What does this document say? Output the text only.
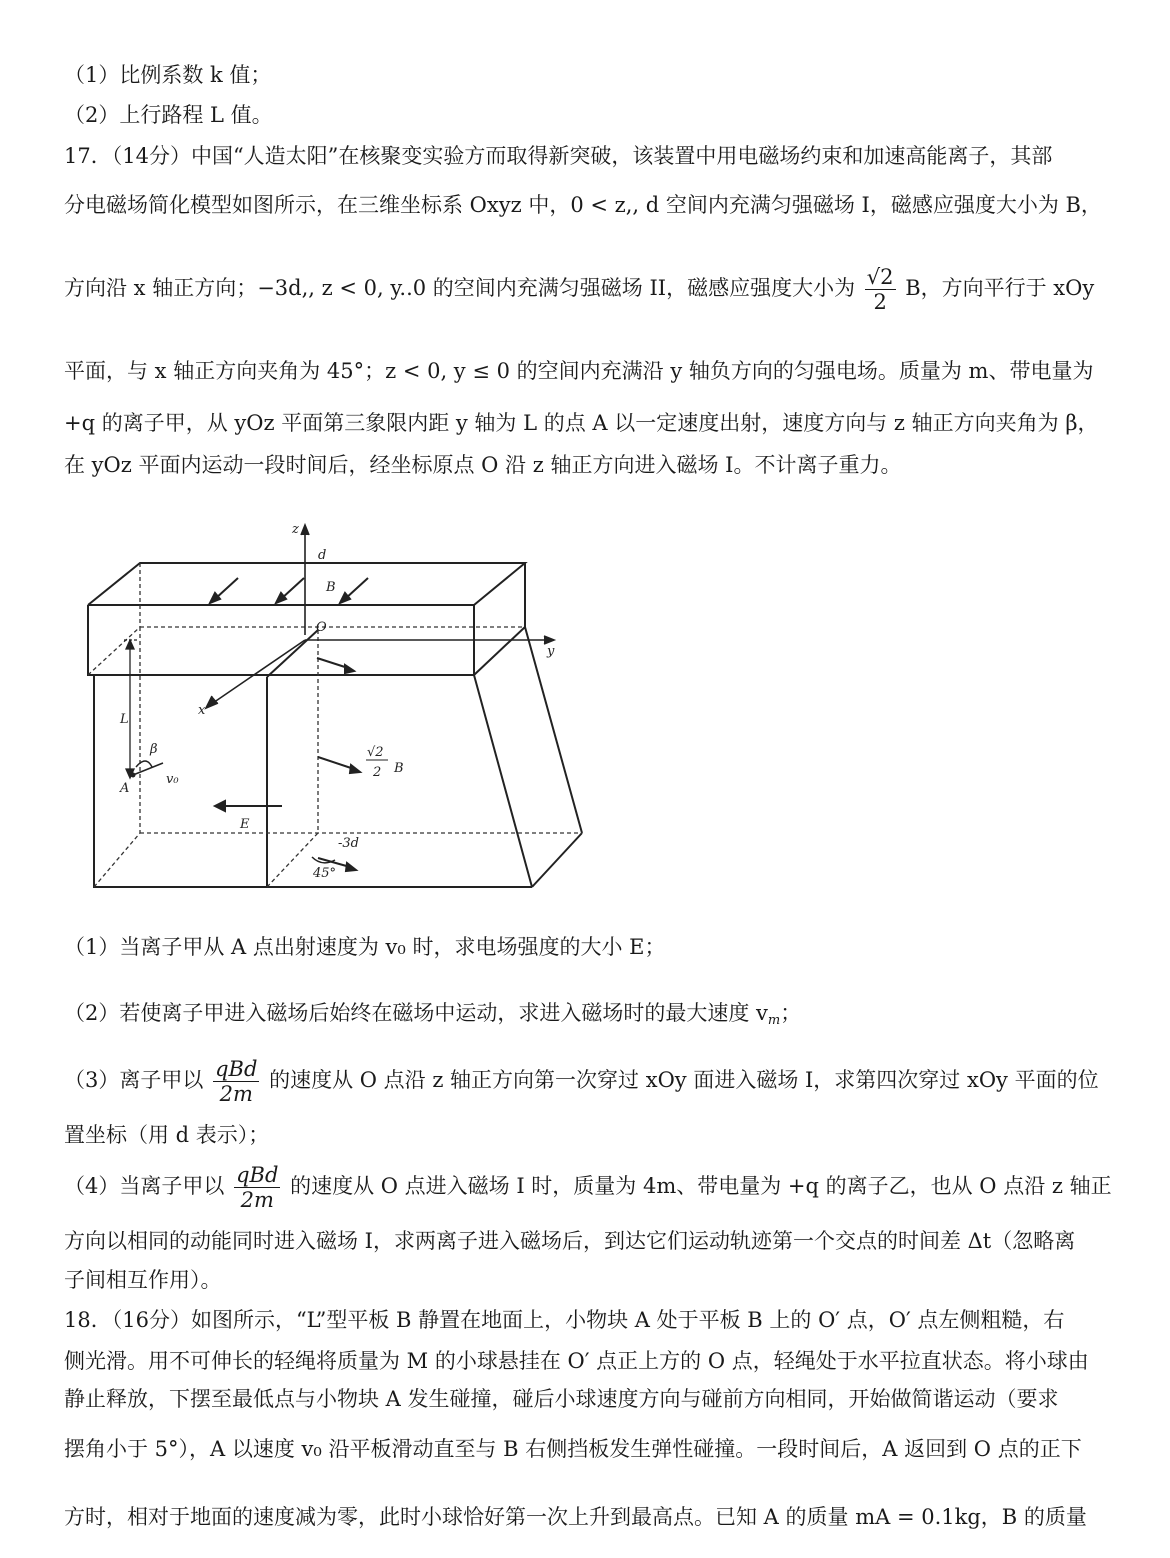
（1）比例系数 k 值；
（2）上行路程 L 值。
17．（14分）中国“人造太阳”在核聚变实验方而取得新突破，该装置中用电磁场约束和加速高能离子，其部
分电磁场简化模型如图所示，在三维坐标系 Oxyz 中，0 < z,, d 空间内充满匀强磁场 I，磁感应强度大小为 B，
方向沿 x 轴正方向；−3d,, z < 0, y..0 的空间内充满匀强磁场 II，磁感应强度大小为 $\frac{√2}{2}$ B，方向平行于 xOy
平面，与 x 轴正方向夹角为 45°；z < 0, y ≤ 0 的空间内充满沿 y 轴负方向的匀强电场。质量为 m、带电量为
+q 的离子甲，从 yOz 平面第三象限内距 y 轴为 L 的点 A 以一定速度出射，速度方向与 z 轴正方向夹角为 β，
在 yOz 平面内运动一段时间后，经坐标原点 O 沿 z 轴正方向进入磁场 I。不计离子重力。
z
d
B
O
y
x
L
β
A
v₀
E
√2
2 B
-3d
45°
（1）当离子甲从 A 点出射速度为 v₀ 时，求电场强度的大小 E；
（2）若使离子甲进入磁场后始终在磁场中运动，求进入磁场时的最大速度 $v_m$；
（3）离子甲以 $\frac{\text{qBd}}{2m}$ 的速度从 O 点沿 z 轴正方向第一次穿过 xOy 面进入磁场 I，求第四次穿过 xOy 平面的位
置坐标（用 d 表示）；
（4）当离子甲以 $\frac{\text{qBd}}{2m}$ 的速度从 O 点进入磁场 I 时，质量为 4m、带电量为 +q 的离子乙，也从 O 点沿 z 轴正
方向以相同的动能同时进入磁场 I，求两离子进入磁场后，到达它们运动轨迹第一个交点的时间差 Δt（忽略离
子间相互作用）。
18．（16分）如图所示，“L”型平板 B 静置在地面上，小物块 A 处于平板 B 上的 O′ 点，O′ 点左侧粗糙，右
侧光滑。用不可伸长的轻绳将质量为 M 的小球悬挂在 O′ 点正上方的 O 点，轻绳处于水平拉直状态。将小球由
静止释放，下摆至最低点与小物块 A 发生碰撞，碰后小球速度方向与碰前方向相同，开始做简谐运动（要求
摆角小于 5°），A 以速度 v₀ 沿平板滑动直至与 B 右侧挡板发生弹性碰撞。一段时间后，A 返回到 O 点的正下
方时，相对于地面的速度减为零，此时小球恰好第一次上升到最高点。已知 A 的质量 mA = 0.1kg，B 的质量
